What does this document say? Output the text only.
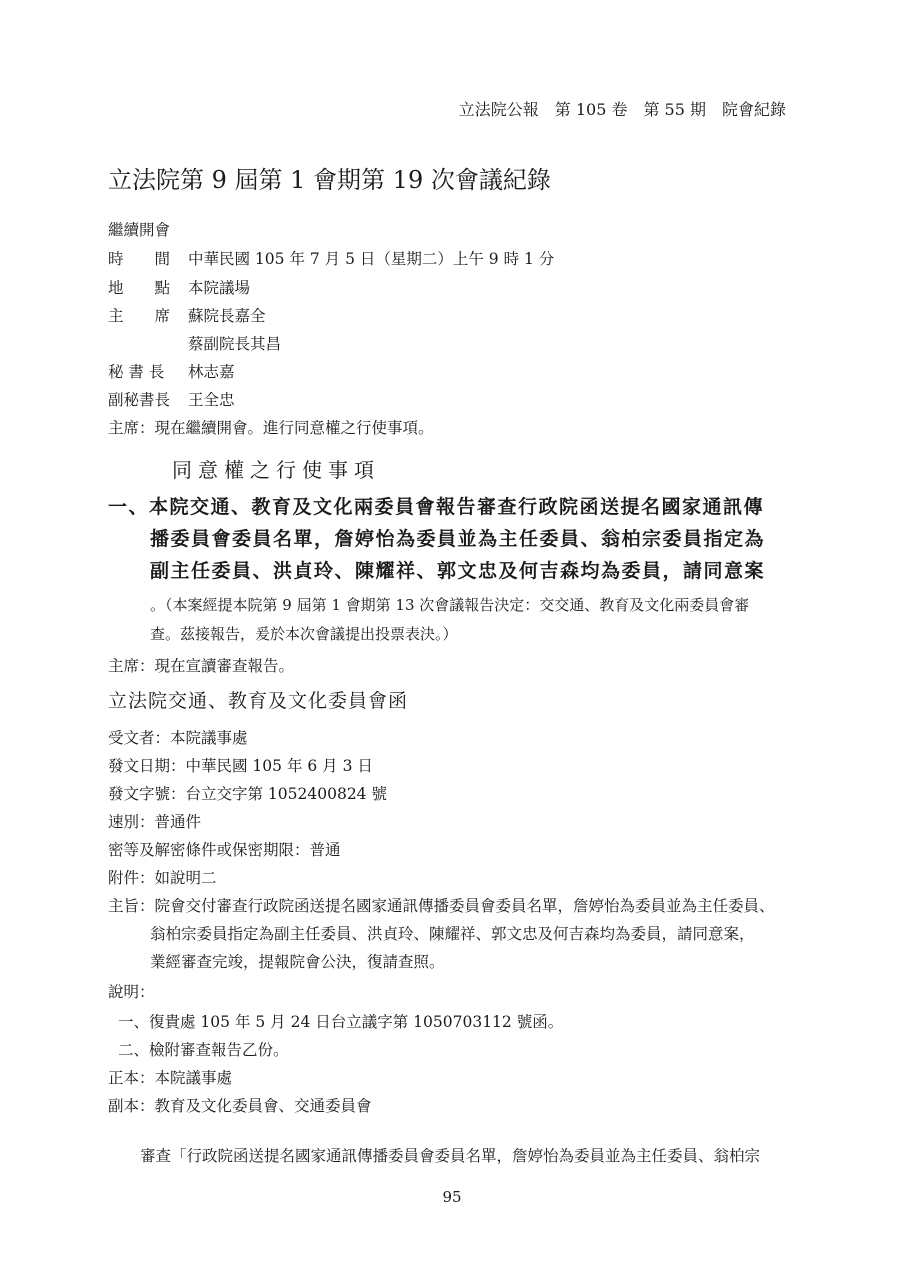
立法院公報　第 105 卷　第 55 期　院會紀錄
立法院第 9 屆第 1 會期第 19 次會議紀錄
繼續開會
時　　間 中華民國 105 年 7 月 5 日（星期二）上午 9 時 1 分
地　　點 本院議場
主　　席 蘇院長嘉全
蔡副院長其昌
秘 書 長 林志嘉
副秘書長 王全忠
主席：現在繼續開會。進行同意權之行使事項。
同意權之行使事項
一、本院交通、教育及文化兩委員會報告審查行政院函送提名國家通訊傳
播委員會委員名單，詹婷怡為委員並為主任委員、翁柏宗委員指定為
副主任委員、洪貞玲、陳耀祥、郭文忠及何吉森均為委員，請同意案
。（本案經提本院第 9 屆第 1 會期第 13 次會議報告決定：交交通、教育及文化兩委員會審
查。茲接報告，爰於本次會議提出投票表決。）
主席：現在宣讀審查報告。
立法院交通、教育及文化委員會函
受文者：本院議事處
發文日期：中華民國 105 年 6 月 3 日
發文字號：台立交字第 1052400824 號
速別：普通件
密等及解密條件或保密期限：普通
附件：如說明二
主旨：院會交付審查行政院函送提名國家通訊傳播委員會委員名單，詹婷怡為委員並為主任委員、
翁柏宗委員指定為副主任委員、洪貞玲、陳耀祥、郭文忠及何吉森均為委員，請同意案，
業經審查完竣，提報院會公決，復請查照。
說明：
一、復貴處 105 年 5 月 24 日台立議字第 1050703112 號函。
二、檢附審查報告乙份。
正本：本院議事處
副本：教育及文化委員會、交通委員會
審查「行政院函送提名國家通訊傳播委員會委員名單，詹婷怡為委員並為主任委員、翁柏宗
95
